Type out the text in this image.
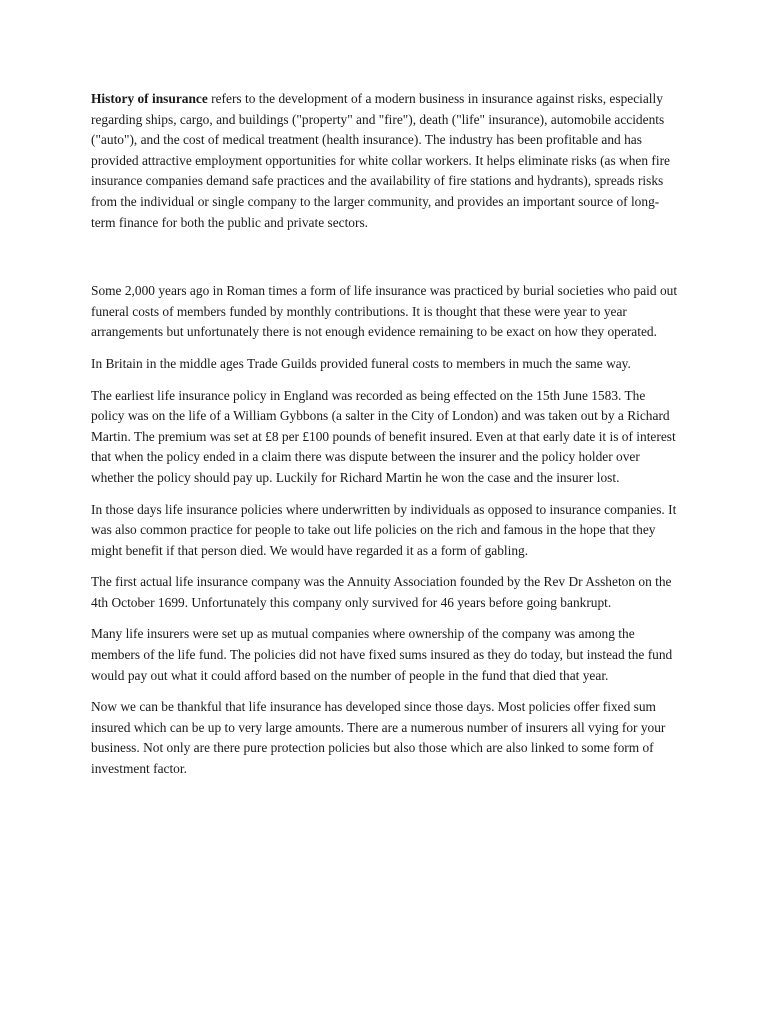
History of insurance refers to the development of a modern business in insurance against risks, especially regarding ships, cargo, and buildings ("property" and "fire"), death ("life" insurance), automobile accidents ("auto"), and the cost of medical treatment (health insurance). The industry has been profitable and has provided attractive employment opportunities for white collar workers. It helps eliminate risks (as when fire insurance companies demand safe practices and the availability of fire stations and hydrants), spreads risks from the individual or single company to the larger community, and provides an important source of long-term finance for both the public and private sectors.

Some 2,000 years ago in Roman times a form of life insurance was practiced by burial societies who paid out funeral costs of members funded by monthly contributions. It is thought that these were year to year arrangements but unfortunately there is not enough evidence remaining to be exact on how they operated.

In Britain in the middle ages Trade Guilds provided funeral costs to members in much the same way.

The earliest life insurance policy in England was recorded as being effected on the 15th June 1583. The policy was on the life of a William Gybbons (a salter in the City of London) and was taken out by a Richard Martin. The premium was set at £8 per £100 pounds of benefit insured. Even at that early date it is of interest that when the policy ended in a claim there was dispute between the insurer and the policy holder over whether the policy should pay up. Luckily for Richard Martin he won the case and the insurer lost.

In those days life insurance policies where underwritten by individuals as opposed to insurance companies. It was also common practice for people to take out life policies on the rich and famous in the hope that they might benefit if that person died. We would have regarded it as a form of gabling.

The first actual life insurance company was the Annuity Association founded by the Rev Dr Assheton on the 4th October 1699. Unfortunately this company only survived for 46 years before going bankrupt.

Many life insurers were set up as mutual companies where ownership of the company was among the members of the life fund. The policies did not have fixed sums insured as they do today, but instead the fund would pay out what it could afford based on the number of people in the fund that died that year.

Now we can be thankful that life insurance has developed since those days. Most policies offer fixed sum insured which can be up to very large amounts. There are a numerous number of insurers all vying for your business. Not only are there pure protection policies but also those which are also linked to some form of investment factor.
